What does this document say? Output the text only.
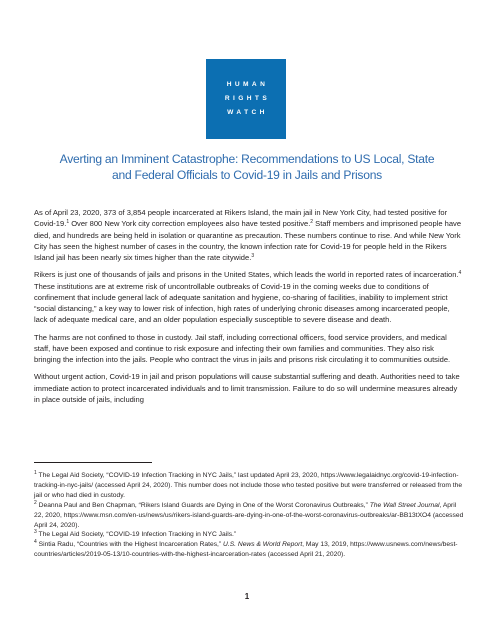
HUMAN
RIGHTS
WATCH
Averting an Imminent Catastrophe: Recommendations to US Local, State
and Federal Officials to Covid-19 in Jails and Prisons

As of April 23, 2020, 373 of 3,854 people incarcerated at Rikers Island, the main jail in New York City, had tested positive for Covid-19.$^1$ Over 800 New York city correction employees also have tested positive.$^2$ Staff members and imprisoned people have died, and hundreds are being held in isolation or quarantine as precaution. These numbers continue to rise. And while New York City has seen the highest number of cases in the country, the known infection rate for Covid-19 for people held in the Rikers Island jail has been nearly six times higher than the rate citywide.$^3$

Rikers is just one of thousands of jails and prisons in the United States, which leads the world in reported rates of incarceration.$^4$ These institutions are at extreme risk of uncontrollable outbreaks of Covid-19 in the coming weeks due to conditions of confinement that include general lack of adequate sanitation and hygiene, co-sharing of facilities, inability to implement strict “social distancing,” a key way to lower risk of infection, high rates of underlying chronic diseases among incarcerated people, lack of adequate medical care, and an older population especially susceptible to severe disease and death.

The harms are not confined to those in custody. Jail staff, including correctional officers, food service providers, and medical staff, have been exposed and continue to risk exposure and infecting their own families and communities. They also risk bringing the infection into the jails. People who contract the virus in jails and prisons risk circulating it to communities outside.

Without urgent action, Covid-19 in jail and prison populations will cause substantial suffering and death. Authorities need to take immediate action to protect incarcerated individuals and to limit transmission. Failure to do so will undermine measures already in place outside of jails, including

$^1$ The Legal Aid Society, “COVID-19 Infection Tracking in NYC Jails,” last updated April 23, 2020, https://www.legalaidnyc.org/covid-19-infection-tracking-in-nyc-jails/ (accessed April 24, 2020). This number does not include those who tested positive but were transferred or released from the jail or who had died in custody.

$^2$ Deanna Paul and Ben Chapman, “Rikers Island Guards are Dying in One of the Worst Coronavirus Outbreaks,” The Wall Street Journal, April 22, 2020, https://www.msn.com/en-us/news/us/rikers-island-guards-are-dying-in-one-of-the-worst-coronavirus-outbreaks/ar-BB13tXO4 (accessed April 24, 2020).

$^3$ The Legal Aid Society, “COVID-19 Infection Tracking in NYC Jails.”

$^4$ Sintia Radu, “Countries with the Highest Incarceration Rates,” U.S. News & World Report, May 13, 2019, https://www.usnews.com/news/best-countries/articles/2019-05-13/10-countries-with-the-highest-incarceration-rates (accessed April 21, 2020).

1
